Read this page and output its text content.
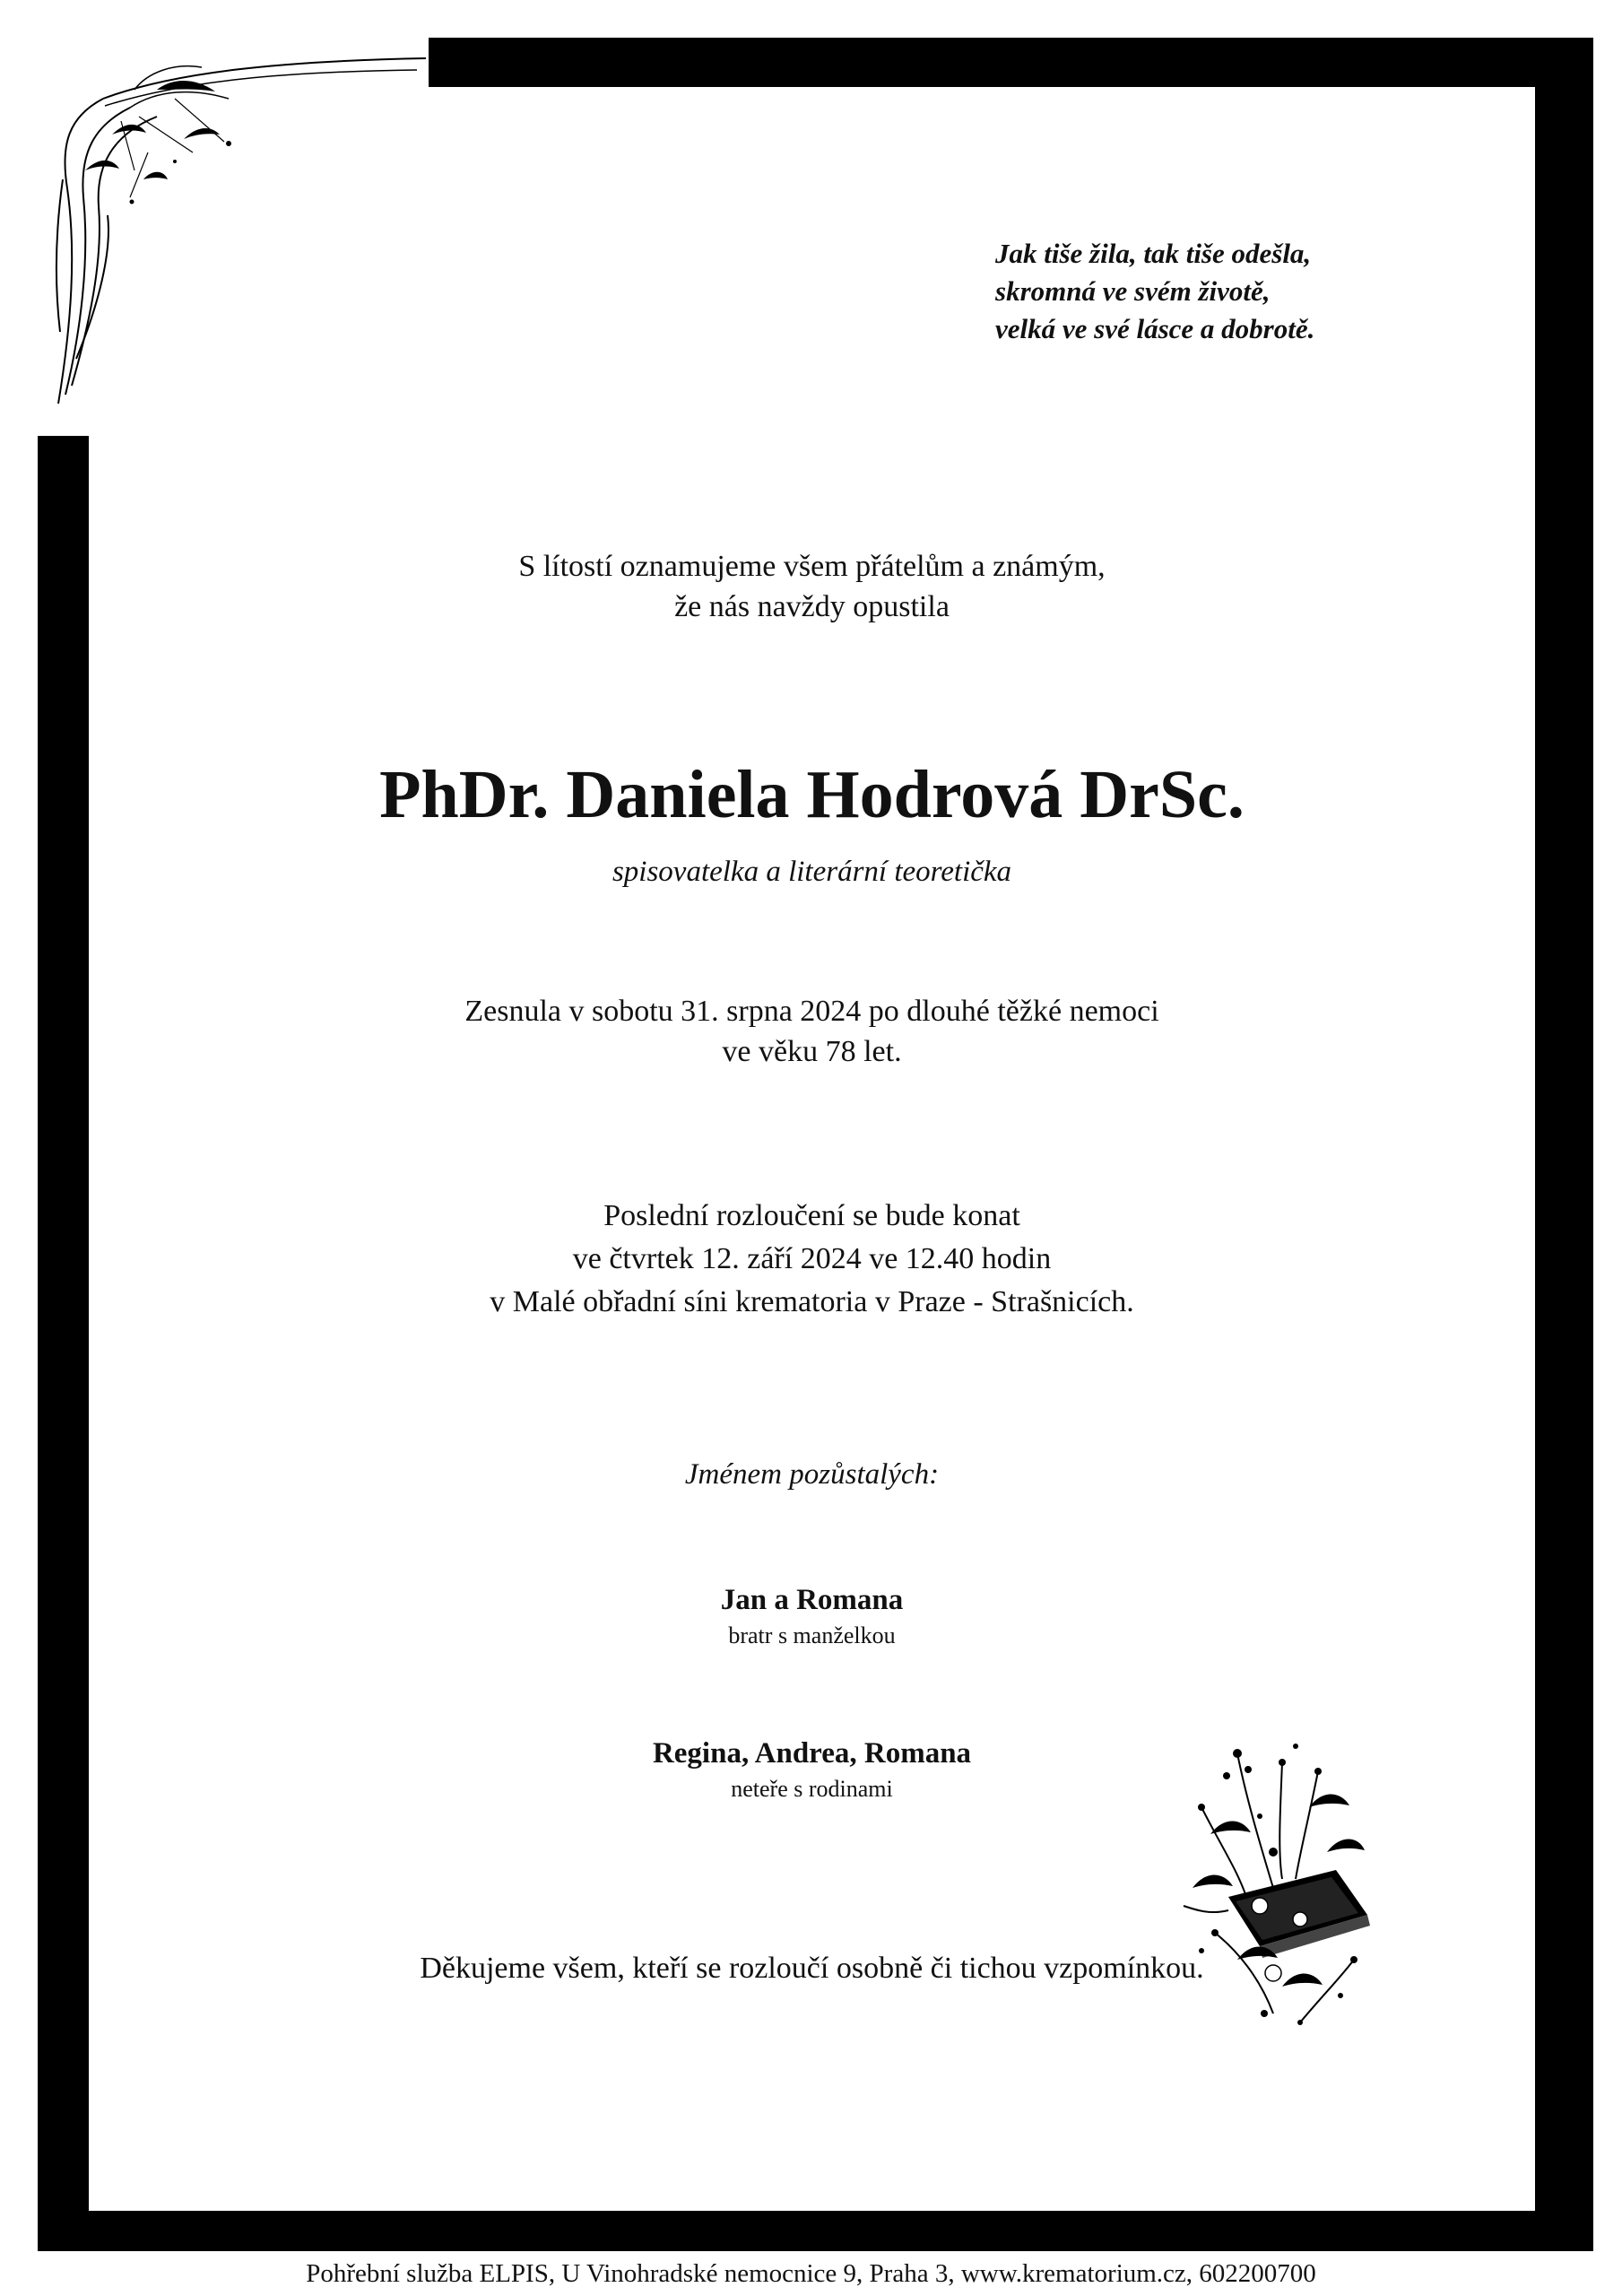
Jak tiše žila, tak tiše odešla,
skromná ve svém životě,
velká ve své lásce a dobrotě.
S lítostí oznamujeme všem přátelům a známým,
že nás navždy opustila
PhDr. Daniela Hodrová DrSc.
spisovatelka a literární teoretička
Zesnula v sobotu 31. srpna 2024 po dlouhé těžké nemoci
ve věku 78 let.
Poslední rozloučení se bude konat
ve čtvrtek 12. září 2024 ve 12.40 hodin
v Malé obřadní síni krematoria v Praze - Strašnicích.
Jménem pozůstalých:
Jan a Romana
bratr s manželkou
Regina, Andrea, Romana
neteře s rodinami
Děkujeme všem, kteří se rozloučí osobně či tichou vzpomínkou.
Pohřební služba ELPIS, U Vinohradské nemocnice 9, Praha 3, www.krematorium.cz, 602200700
